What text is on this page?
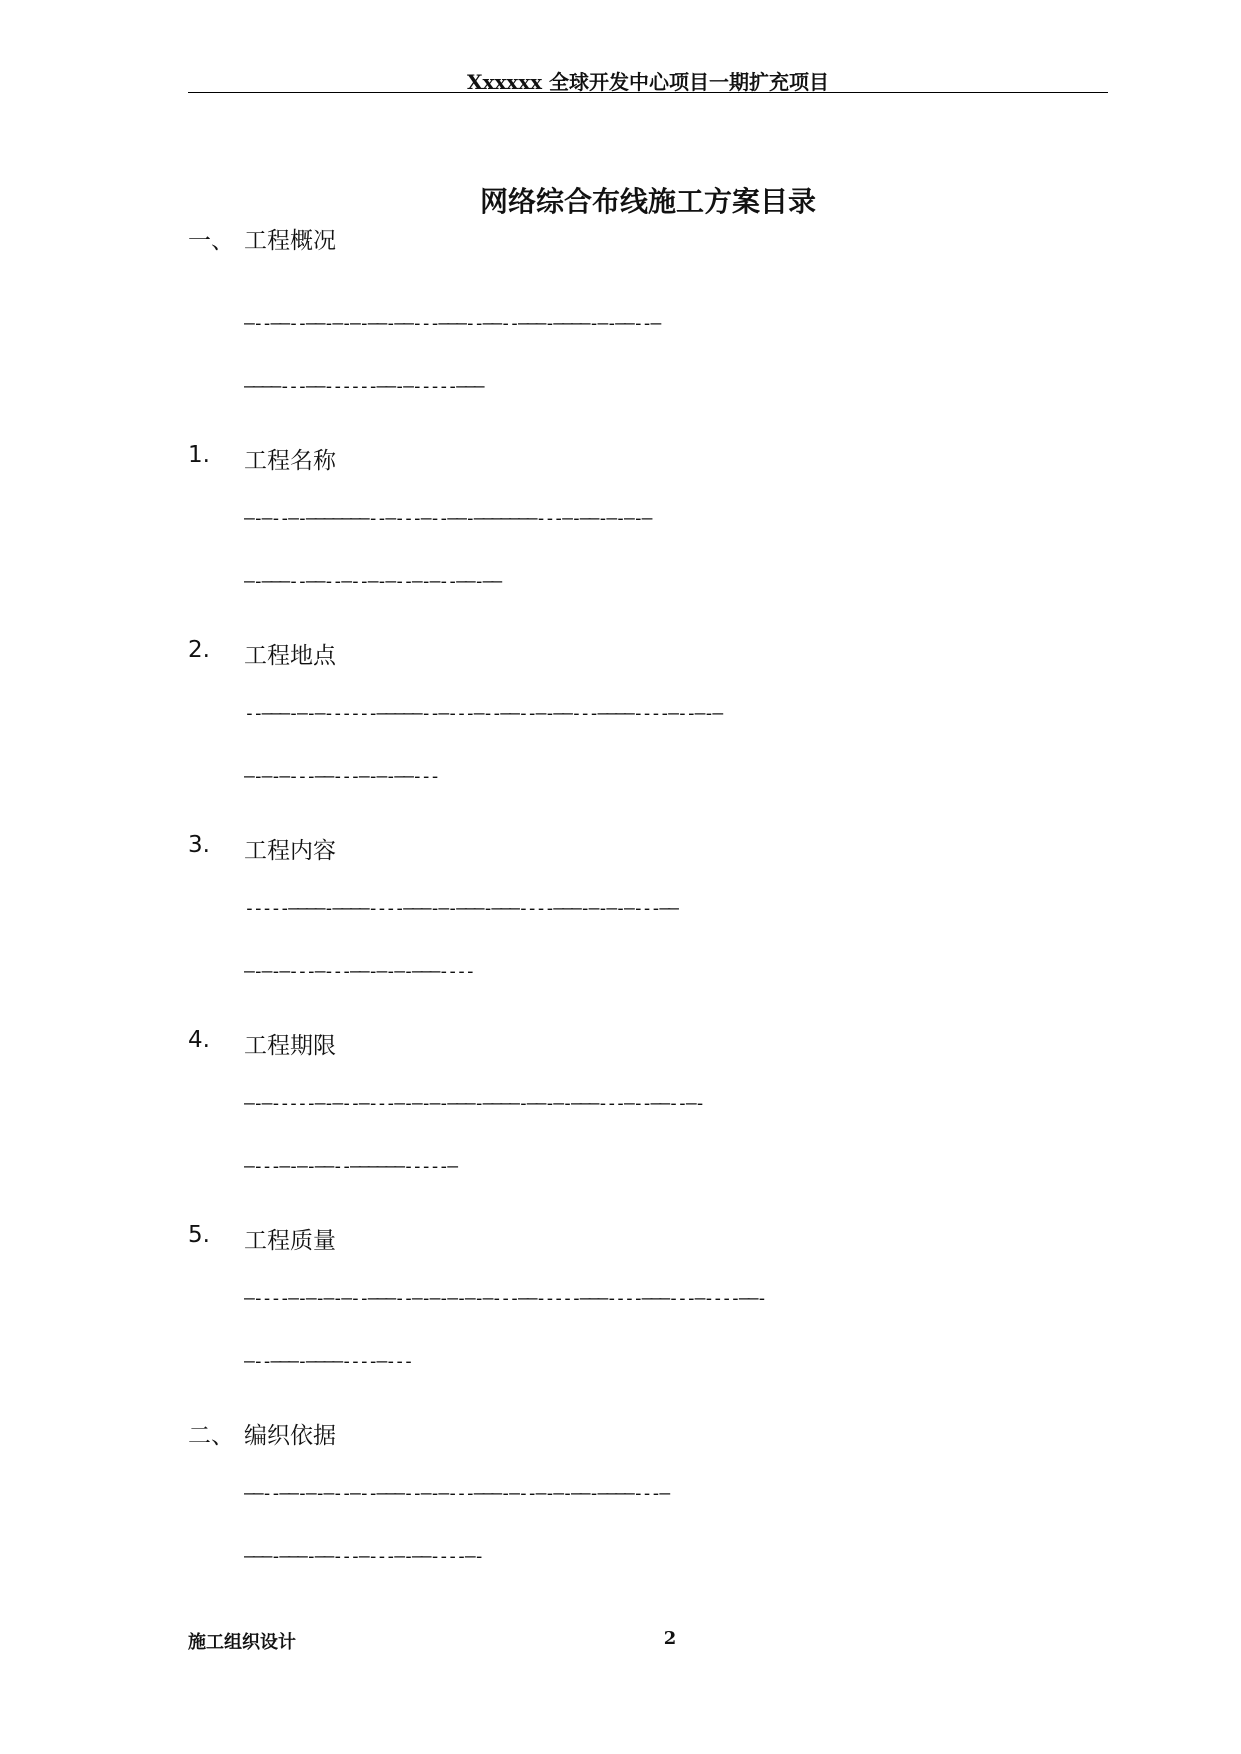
Xxxxxx 全球开发中心项目一期扩充项目
网络综合布线施工方案目录
一、 工程概况
—--——--——-—-—-——-——---———--——--———-————-—-——--—
————---——------——-—-----———
1. 工程名称
—-—--—-———————--—---—--——-———————---—-——-—-—-—
—-———--——--—--—-—--—-—--——-——
2. 工程地点
--———-—-—------—————--—---—--——--—-——---————----—--—-—
—-—-—---——---—-—-——---
3. 工程内容
-----————-————----———-—-———-———----———-—-—-—---——
—-—-—---—---——-—-—-———----
4. 工程期限
—-—-----—-—--—---—-—-—-———-————-——-—-———---—--——--—-
—---—-—-——--——————-----—
5. 工程质量
—----—-—-—-—--———--—-—-—-—-—---——-----———----———---—----——-
—--———-————----—---
二、 编织依据
——--——-—-—--—--———--—-—---———-—--—-—-——-————---—
———-———-——---—---—-——----—-
施工组织设计	2
